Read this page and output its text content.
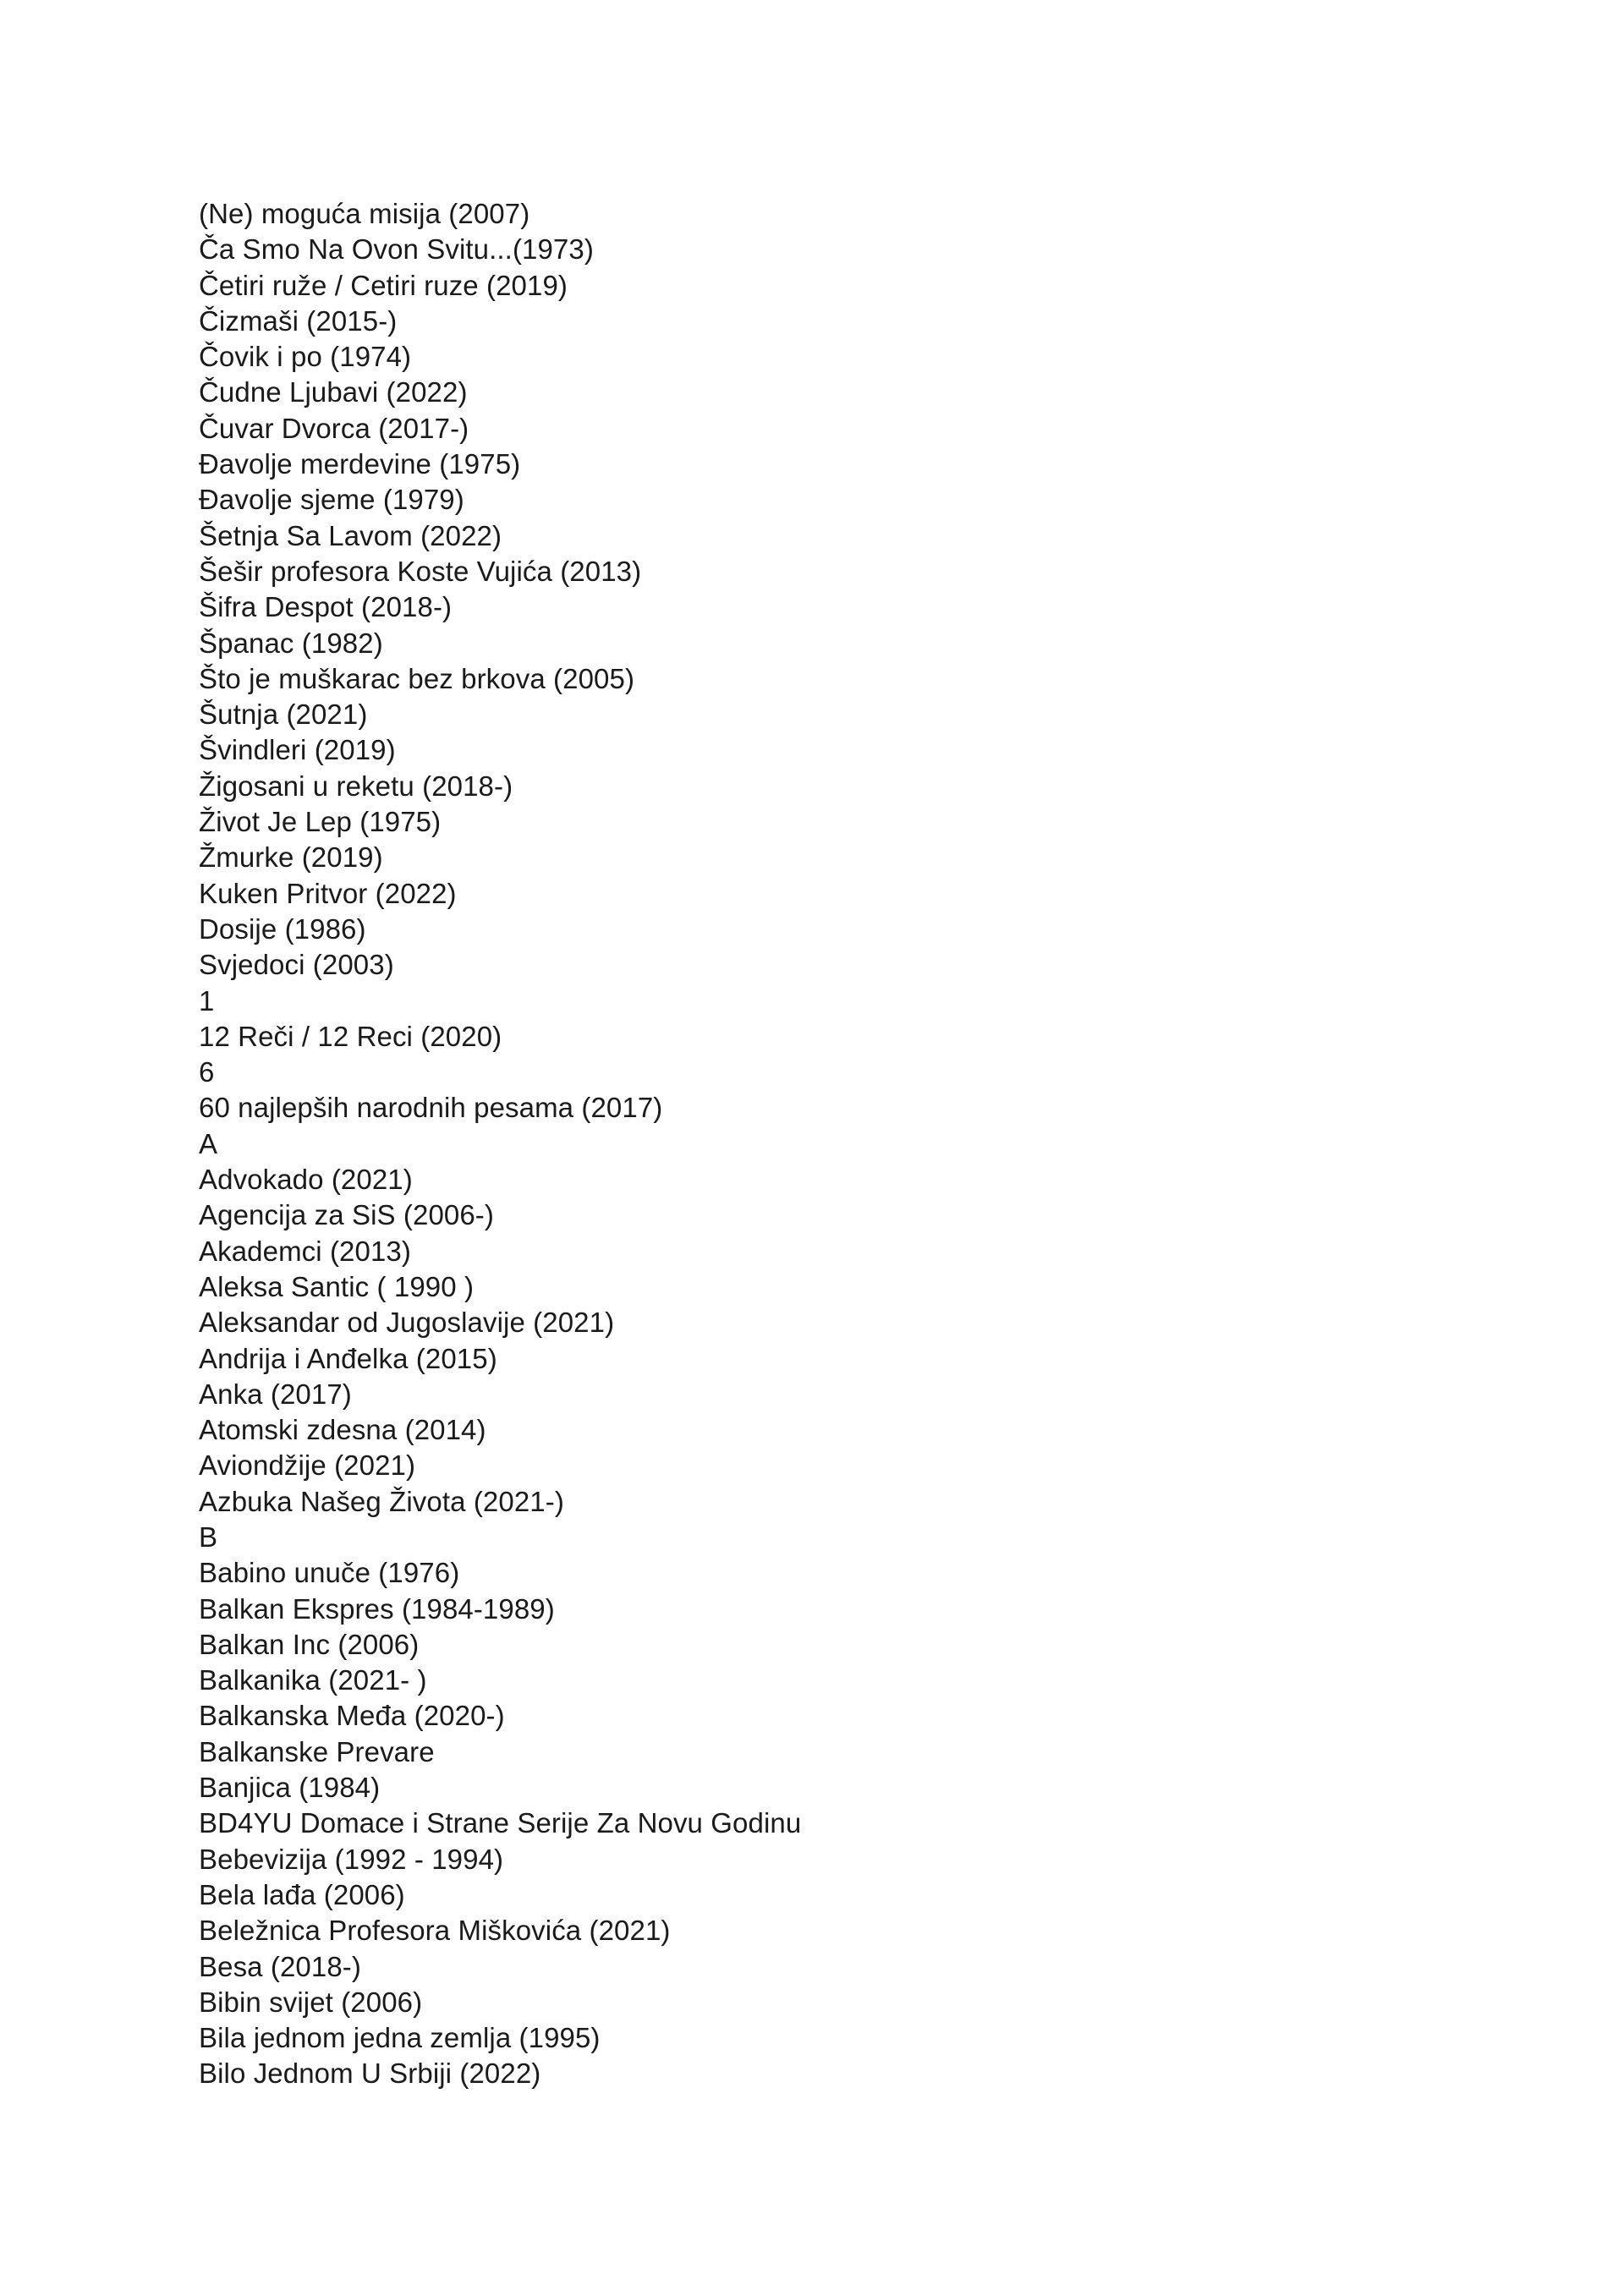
(Ne) moguća misija (2007)
Ča Smo Na Ovon Svitu...(1973)
Četiri ruže / Cetiri ruze (2019)
Čizmaši (2015-)
Čovik i po (1974)
Čudne Ljubavi (2022)
Čuvar Dvorca (2017-)
Đavolje merdevine (1975)
Đavolje sjeme (1979)
Šetnja Sa Lavom (2022)
Šešir profesora Koste Vujića (2013)
Šifra Despot (2018-)
Španac (1982)
Što je muškarac bez brkova (2005)
Šutnja (2021)
Švindleri (2019)
Žigosani u reketu (2018-)
Život Je Lep (1975)
Žmurke (2019)
Kuken Pritvor (2022)
Dosije (1986)
Svjedoci (2003)
1
12 Reči / 12 Reci (2020)
6
60 najlepših narodnih pesama (2017)
A
Advokado (2021)
Agencija za SiS (2006-)
Akademci (2013)
Aleksa Santic ( 1990 )
Aleksandar od Jugoslavije (2021)
Andrija i Anđelka (2015)
Anka (2017)
Atomski zdesna (2014)
Aviondžije (2021)
Azbuka Našeg Života (2021-)
B
Babino unuče (1976)
Balkan Ekspres (1984-1989)
Balkan Inc (2006)
Balkanika (2021- )
Balkanska Međa (2020-)
Balkanske Prevare
Banjica (1984)
BD4YU Domace i Strane Serije Za Novu Godinu
Bebevizija (1992 - 1994)
Bela lađa (2006)
Beležnica Profesora Miškovića (2021)
Besa (2018-)
Bibin svijet (2006)
Bila jednom jedna zemlja (1995)
Bilo Jednom U Srbiji (2022)
